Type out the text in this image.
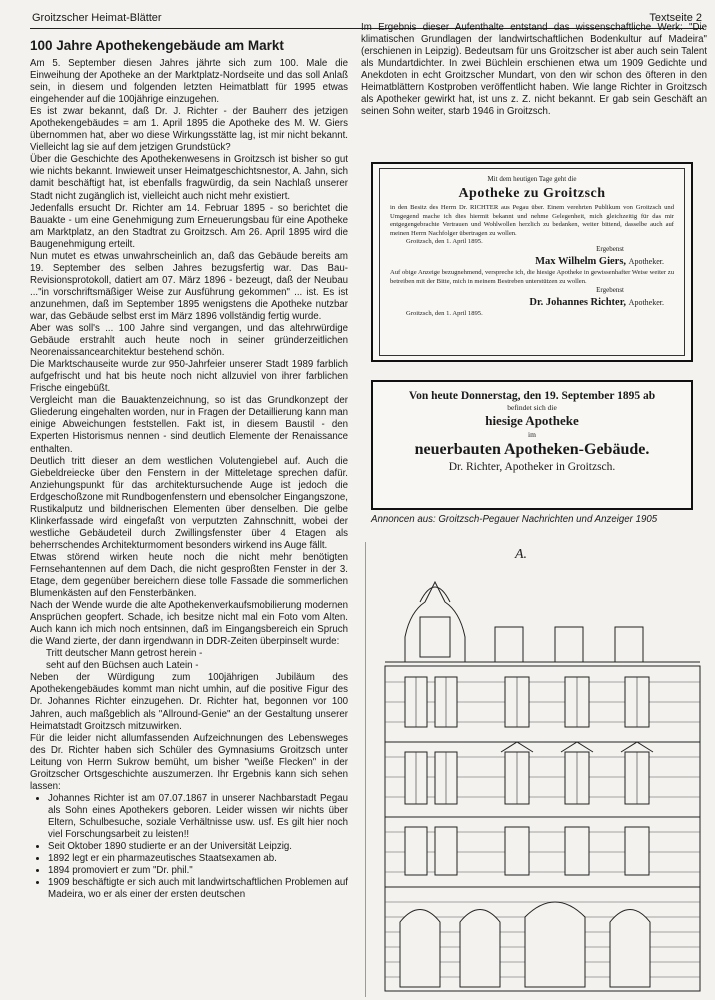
Groitzscher Heimat-Blätter	Textseite 2
100 Jahre Apothekengebäude am Markt

Am 5. September diesen Jahres jährte sich zum 100. Male die Einweihung der Apotheke an der Marktplatz-Nordseite und das soll Anlaß sein, in diesem und folgenden letzten Heimatblatt für 1995 etwas eingehender auf die 100jährige einzugehen.

Es ist zwar bekannt, daß Dr. J. Richter - der Bauherr des jetzigen Apothekengebäudes = am 1. April 1895 die Apotheke des M. W. Giers übernommen hat, aber wo diese Wirkungsstätte lag, ist mir nicht bekannt. Vielleicht lag sie auf dem jetzigen Grundstück?

Über die Geschichte des Apothekenwesens in Groitzsch ist bisher so gut wie nichts bekannt. Inwieweit unser Heimatgeschichtsnestor, A. Jahn, sich damit beschäftigt hat, ist ebenfalls fragwürdig, da sein Nachlaß unserer Stadt nicht zugänglich ist, vielleicht auch nicht mehr existiert.

Jedenfalls ersucht Dr. Richter am 14. Februar 1895 - so berichtet die Bauakte - um eine Genehmigung zum Erneuerungsbau für eine Apotheke am Marktplatz, an den Stadtrat zu Groitzsch. Am 26. April 1895 wird die Baugenehmigung erteilt.

Nun mutet es etwas unwahrscheinlich an, daß das Gebäude bereits am 19. September des selben Jahres bezugsfertig war. Das Bau-Revisionsprotokoll, datiert am 07. März 1896 - bezeugt, daß der Neubau ..."in vorschriftsmäßiger Weise zur Ausführung gekommen" ... ist. Es ist anzunehmen, daß im September 1895 wenigstens die Apotheke nutzbar war, das Gebäude selbst erst im März 1896 vollständig fertig wurde.

Aber was soll's ... 100 Jahre sind vergangen, und das altehrwürdige Gebäude erstrahlt auch heute noch in seiner gründerzeitlichen Neorenaissancearchitektur bestehend schön.

Die Marktschauseite wurde zur 950-Jahrfeier unserer Stadt 1989 farblich aufgefrischt und hat bis heute noch nicht allzuviel von ihrer farblichen Frische eingebüßt.

Vergleicht man die Bauaktenzeichnung, so ist das Grundkonzept der Gliederung eingehalten worden, nur in Fragen der Detaillierung kann man einige Abweichungen feststellen. Fakt ist, in diesem Baustil - den Experten Historismus nennen - sind deutlich Elemente der Renaissance enthalten.

Deutlich tritt dieser an dem westlichen Volutengiebel auf. Auch die Giebeldreiecke über den Fenstern in der Mitteletage sprechen dafür. Anziehungspunkt für das architektursuchende Auge ist jedoch die Erdgeschoßzone mit Rundbogenfenstern und ebensolcher Eingangszone, Rustikalputz und bildnerischen Elementen über denselben. Die gelbe Klinkerfassade wird eingefaßt von verputzten Zahnschnitt, wobei der westliche Gebäudeteil durch Zwillingsfenster über 4 Etagen als beherrschendes Architekturmoment besonders wirkend ins Auge fällt.

Etwas störend wirken heute noch die nicht mehr benötigten Fernsehantennen auf dem Dach, die nicht gesproßten Fenster in der 3. Etage, dem gegenüber bereichern diese tolle Fassade die sommerlichen Blumenkästen auf den Fensterbänken.

Nach der Wende wurde die alte Apothekenverkaufsmobilierung modernen Ansprüchen geopfert. Schade, ich besitze nicht mal ein Foto vom Alten. Auch kann ich mich noch entsinnen, daß im Eingangsbereich ein Spruch die Wand zierte, der dann irgendwann in DDR-Zeiten überpinselt wurde:

Tritt deutscher Mann getrost herein -

seht auf den Büchsen auch Latein -

Neben der Würdigung zum 100jährigen Jubiläum des Apothekengebäudes kommt man nicht umhin, auf die positive Figur des Dr. Johannes Richter einzugehen. Dr. Richter hat, begonnen vor 100 Jahren, auch maßgeblich als "Allround-Genie" an der Gestaltung unserer Heimatstadt Groitzsch mitzuwirken.

Für die leider nicht allumfassenden Aufzeichnungen des Lebensweges des Dr. Richter haben sich Schüler des Gymnasiums Groitzsch unter Leitung von Herrn Sukrow bemüht, um bisher "weiße Flecken" in der Groitzscher Ortsgeschichte auszumerzen. Ihr Ergebnis kann sich sehen lassen:

• Johannes Richter ist am 07.07.1867 in unserer Nachbarstadt Pegau als Sohn eines Apothekers geboren. Leider wissen wir nichts über Eltern, Schulbesuche, soziale Verhältnisse usw. usf. Es gilt hier noch viel Forschungsarbeit zu leisten!!
• Seit Oktober 1890 studierte er an der Universität Leipzig.
• 1892 legt er ein pharmazeutisches Staatsexamen ab.
• 1894 promoviert er zum "Dr. phil."
• 1909 beschäftigte er sich auch mit landwirtschaftlichen Problemen auf Madeira, wo er als einer der ersten deutschen

Im Ergebnis dieser Aufenthalte entstand das wissenschaftliche Werk: "Die klimatischen Grundlagen der landwirtschaftlichen Bodenkultur auf Madeira" (erschienen in Leipzig). Bedeutsam für uns Groitzscher ist aber auch sein Talent als Mundartdichter. In zwei Büchlein erschienen etwa um 1909 Gedichte und Anekdoten in echt Groitzscher Mundart, von den wir schon des öfteren in den Heimatblättern Kostproben veröffentlicht haben. Wie lange Richter in Groitzsch als Apotheker gewirkt hat, ist uns z. Z. nicht bekannt. Er gab sein Geschäft an seinen Sohn weiter, starb 1946 in Groitzsch.

Mit dem heutigen Tage geht die

Apotheke zu Groitzsch

in den Besitz des Herrn Dr. RICHTER aus Pegau über. Einem verehrten Publikum von Groitzsch und Umgegend mache ich dies hiermit bekannt und nehme Gelegenheit, mich gleichzeitig für das mir entgegengebrachte Vertrauen und Wohlwollen herzlich zu bedanken, weiter bittend, dasselbe auch auf meinen Herrn Nachfolger übertragen zu wollen.

Groitzsch, den 1. April 1895.

Ergebenst

Max Wilhelm Giers, Apotheker.

Auf obige Anzeige bezugnehmend, verspreche ich, die hiesige Apotheke in gewissenhafter Weise weiter zu betreiben mit der Bitte, mich in meinem Bestreben unterstützen zu wollen.

Ergebenst

Dr. Johannes Richter, Apotheker.

Groitzsch, den 1. April 1895.

Von heute Donnerstag, den 19. September 1895 ab

befindet sich die

hiesige Apotheke

im

neuerbauten Apotheken-Gebäude.

Dr. Richter, Apotheker in Groitzsch.

Annoncen aus: Groitzsch-Pegauer Nachrichten und Anzeiger 1905
A.
